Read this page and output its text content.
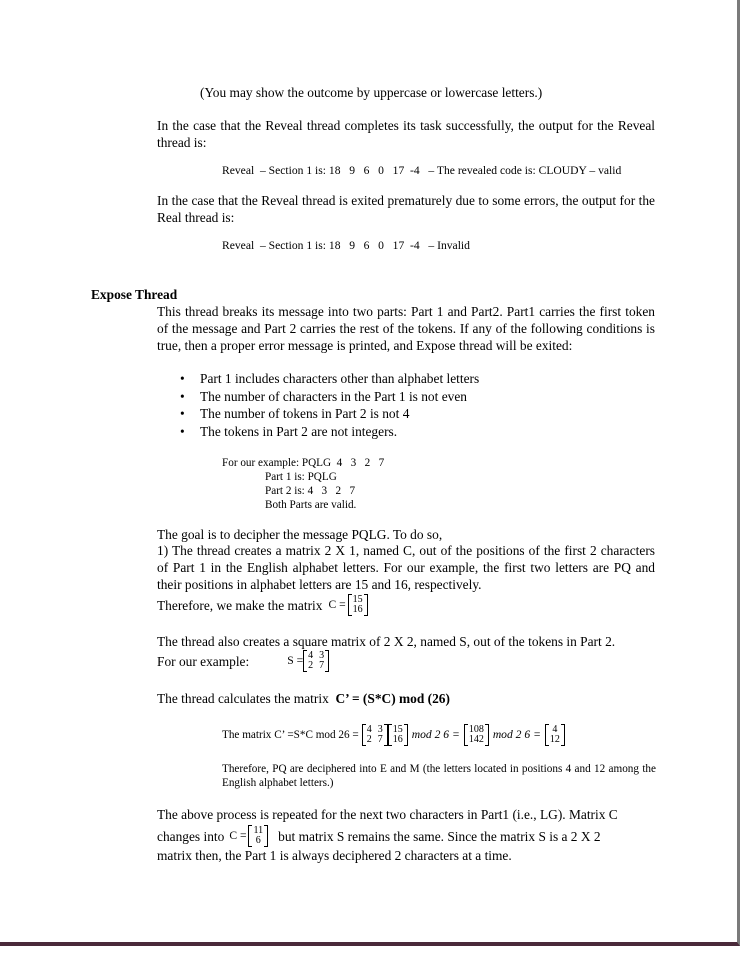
(You may show the outcome by uppercase or lowercase letters.)
In the case that the Reveal thread completes its task successfully, the output for the Reveal thread is:
Reveal  – Section 1 is: 18   9   6   0   17  -4   – The revealed code is: CLOUDY – valid
In the case that the Reveal thread is exited prematurely due to some errors, the output for the Real thread is:
Reveal  – Section 1 is: 18   9   6   0   17  -4   – Invalid
Expose Thread
This thread breaks its message into two parts: Part 1 and Part2. Part1 carries the first token of the message and Part 2 carries the rest of the tokens. If any of the following conditions is true, then a proper error message is printed, and Expose thread will be exited:
• Part 1 includes characters other than alphabet letters
• The number of characters in the Part 1 is not even
• The number of tokens in Part 2 is not 4
• The tokens in Part 2 are not integers.
For our example: PQLG  4   3   2   7
Part 1 is: PQLG
Part 2 is: 4   3   2   7
Both Parts are valid.
The goal is to decipher the message PQLG. To do so,
1) The thread creates a matrix 2 X 1, named C, out of the positions of the first 2 characters of Part 1 in the English alphabet letters. For our example, the first two letters are PQ and their positions in alphabet letters are 15 and 16, respectively.
Therefore, we make the matrix C = 15
16
The thread also creates a square matrix of 2 X 2, named S, out of the tokens in Part 2.
For our example:	S = 4 3
2 7
The thread calculates the matrix C’ = (S*C) mod (26)
The matrix C’ =S*C mod 26 = 4 3
2 7
15
16 mod 2 6 = 108
142 mod 2 6 = 4
12
Therefore, PQ are deciphered into E and M (the letters located in positions 4 and 12 among the English alphabet letters.)
The above process is repeated for the next two characters in Part1 (i.e., LG). Matrix C
changes into C = 11
6 but matrix S remains the same. Since the matrix S is a 2 X 2
matrix then, the Part 1 is always deciphered 2 characters at a time.
